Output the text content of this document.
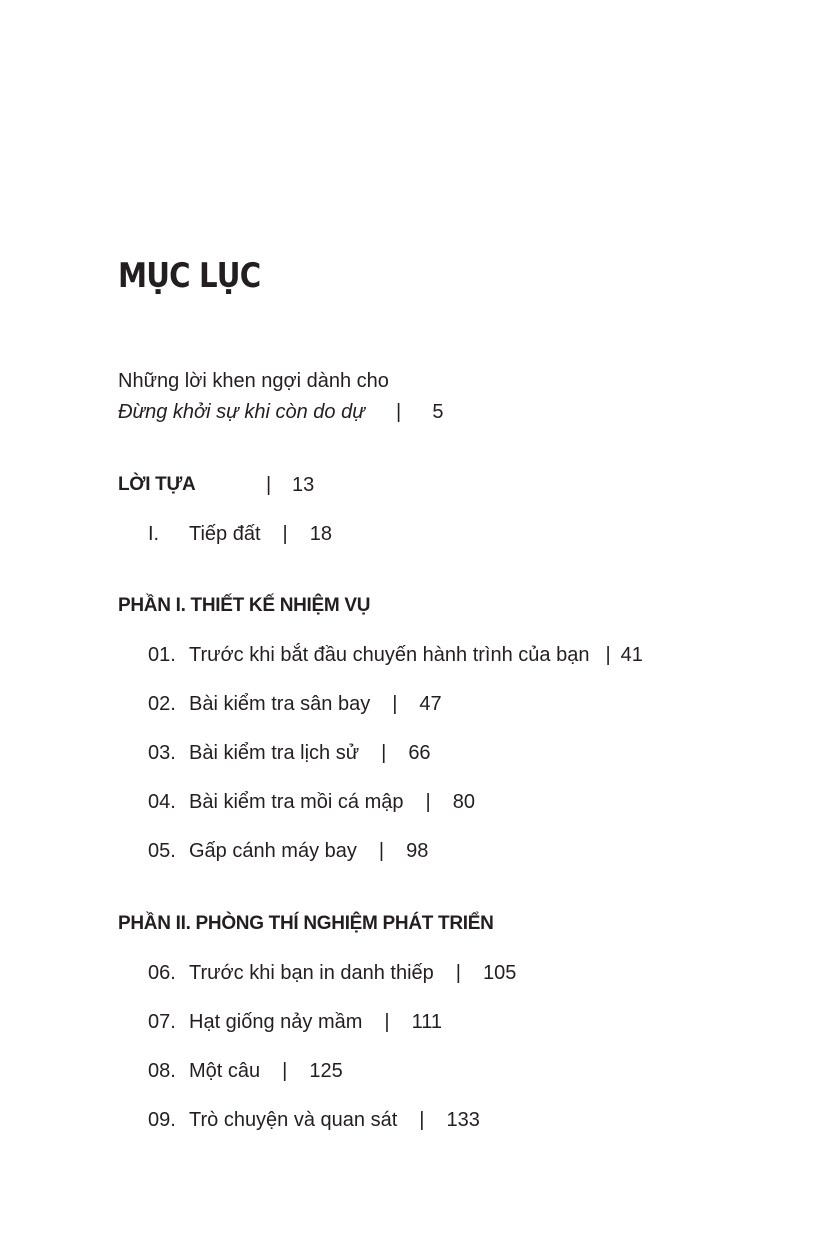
MỤC LỤC
Những lời khen ngợi dành cho
Đừng khởi sự khi còn do dự | 5
LỜI TỰA	| 13
I. Tiếp đất | 18
PHẦN I. THIẾT KẾ NHIỆM VỤ
01. Trước khi bắt đầu chuyến hành trình của bạn | 41
02. Bài kiểm tra sân bay | 47
03. Bài kiểm tra lịch sử | 66
04. Bài kiểm tra mồi cá mập | 80
05. Gấp cánh máy bay | 98
PHẦN II. PHÒNG THÍ NGHIỆM PHÁT TRIỂN
06. Trước khi bạn in danh thiếp | 105
07. Hạt giống nảy mầm | 111
08. Một câu | 125
09. Trò chuyện và quan sát | 133
